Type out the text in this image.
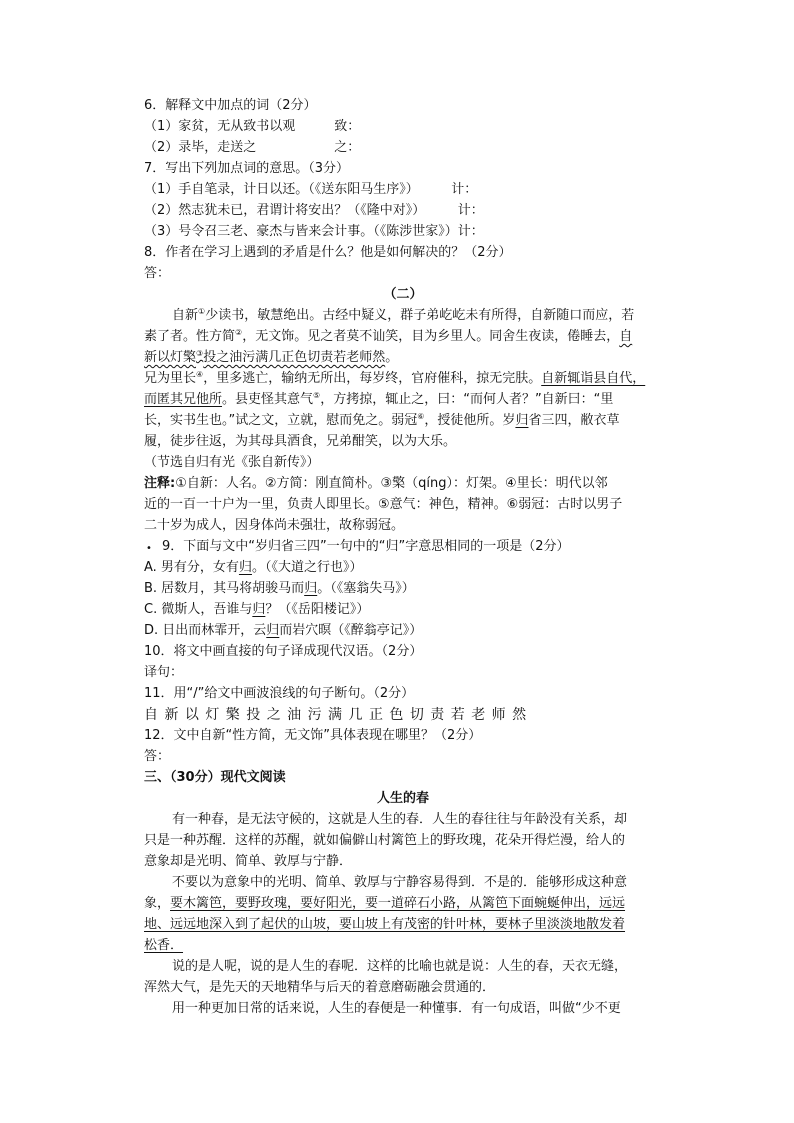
6．解释文中加点的词（2分）
（1）家贫，无从致书以观　　　致：
（2）录毕，走送之　　　　　　之：
7．写出下列加点词的意思。（3分）
（1）手自笔录，计日以还。（《送东阳马生序》）　　　计：
（2）然志犹未已，君谓计将安出？（《隆中对》）　　　计：
（3）号令召三老、豪杰与皆来会计事。（《陈涉世家》）计：
8．作者在学习上遇到的矛盾是什么？他是如何解决的？（2分）
答：
（二）
自新①少读书，敏慧绝出。古经中疑义，群子弟屹屹未有所得，自新随口而应，若
素了者。性方简②，无文饰。见之者莫不讪笑，目为乡里人。同舍生夜读，倦睡去，自
新以灯檠③投之油污满几正色切责若老师然。
兄为里长④，里多逃亡，输纳无所出，每岁终，官府催科，掠无完肤。自新辄诣县自代，
而匿其兄他所。县吏怪其意气⑤，方拷掠，辄止之，曰：“而何人者？”自新曰：“里
长，实书生也。”试之文，立就，慰而免之。弱冠⑥，授徒他所。岁归省三四，敝衣草
履，徒步往返，为其母具酒食，兄弟酣笑，以为大乐。
（节选自归有光《张自新传》）
注释:①自新：人名。②方简：刚直简朴。③檠（qíng）：灯架。④里长：明代以邻
近的一百一十户为一里，负责人即里长。⑤意气：神色，精神。⑥弱冠：古时以男子
二十岁为成人，因身体尚未强壮，故称弱冠。
• 9．下面与文中“岁归省三四”一句中的“归”字意思相同的一项是（2分）
A. 男有分，女有归。（《大道之行也》）
B. 居数月，其马将胡骏马而归。（《塞翁失马》）
C. 微斯人，吾谁与归？（《岳阳楼记》）
D. 日出而林霏开，云归而岩穴暝（《醉翁亭记》）
10．将文中画直接的句子译成现代汉语。（2分）
译句：
11．用“/”给文中画波浪线的句子断句。（2分）
自 新 以 灯 檠 投 之 油 污 满 几 正 色 切 责 若 老 师 然
12．文中自新“性方简，无文饰”具体表现在哪里？（2分）
答：
三、（30分）现代文阅读
人生的春
有一种春，是无法守候的，这就是人生的春．人生的春往往与年龄没有关系，却
只是一种苏醒．这样的苏醒，就如偏僻山村篱笆上的野玫瑰，花朵开得烂漫，给人的
意象却是光明、简单、敦厚与宁静．
不要以为意象中的光明、简单、敦厚与宁静容易得到．不是的．能够形成这种意
象，要木篱笆，要野玫瑰，要好阳光，要一道碎石小路，从篱笆下面蜿蜒伸出，远远
地、远远地深入到了起伏的山坡，要山坡上有茂密的针叶林，要林子里淡淡地散发着
松香．
说的是人呢，说的是人生的春呢．这样的比喻也就是说：人生的春，天衣无缝，
浑然大气，是先天的天地精华与后天的着意磨砺融会贯通的．
用一种更加日常的话来说，人生的春便是一种懂事．有一句成语，叫做“少不更
